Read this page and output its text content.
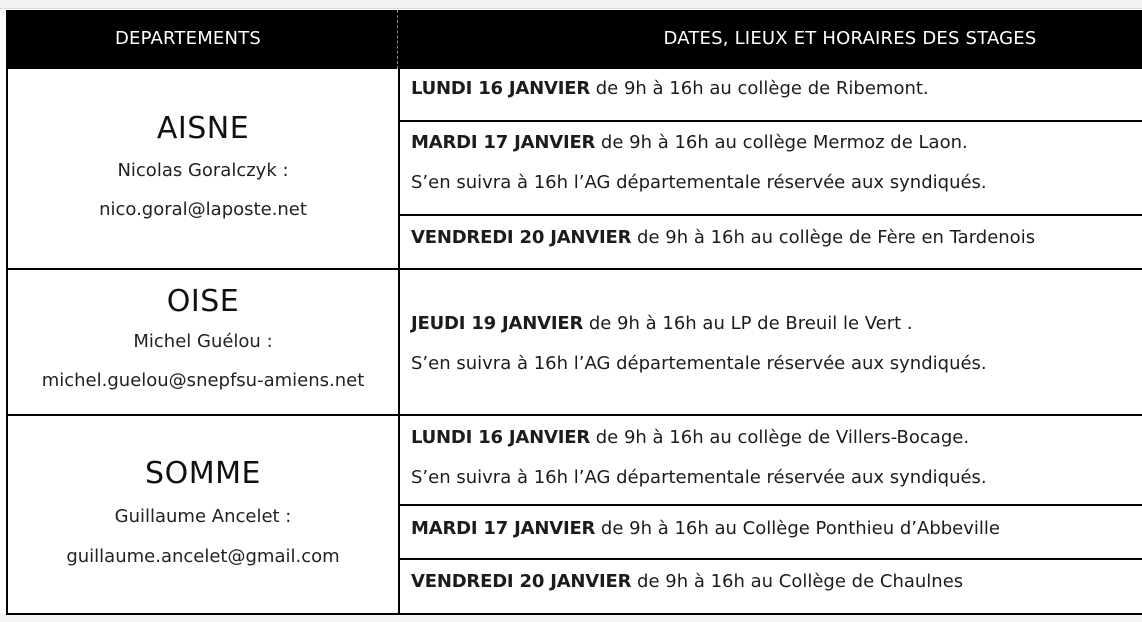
DEPARTEMENTS	DATES, LIEUX ET HORAIRES DES STAGES
AISNE
Nicolas Goralczyk :
nico.goral@laposte.net
OISE
Michel Guélou :
michel.guelou@snepfsu-amiens.net
SOMME
Guillaume Ancelet :
guillaume.ancelet@gmail.com
LUNDI 16 JANVIER de 9h à 16h au collège de Ribemont.
MARDI 17 JANVIER de 9h à 16h au collège Mermoz de Laon.
S’en suivra à 16h l’AG départementale réservée aux syndiqués.
VENDREDI 20 JANVIER de 9h à 16h au collège de Fère en Tardenois
JEUDI 19 JANVIER de 9h à 16h au LP de Breuil le Vert .
S’en suivra à 16h l’AG départementale réservée aux syndiqués.
LUNDI 16 JANVIER de 9h à 16h au collège de Villers-Bocage.
S’en suivra à 16h l’AG départementale réservée aux syndiqués.
MARDI 17 JANVIER de 9h à 16h au Collège Ponthieu d’Abbeville
VENDREDI 20 JANVIER de 9h à 16h au Collège de Chaulnes
